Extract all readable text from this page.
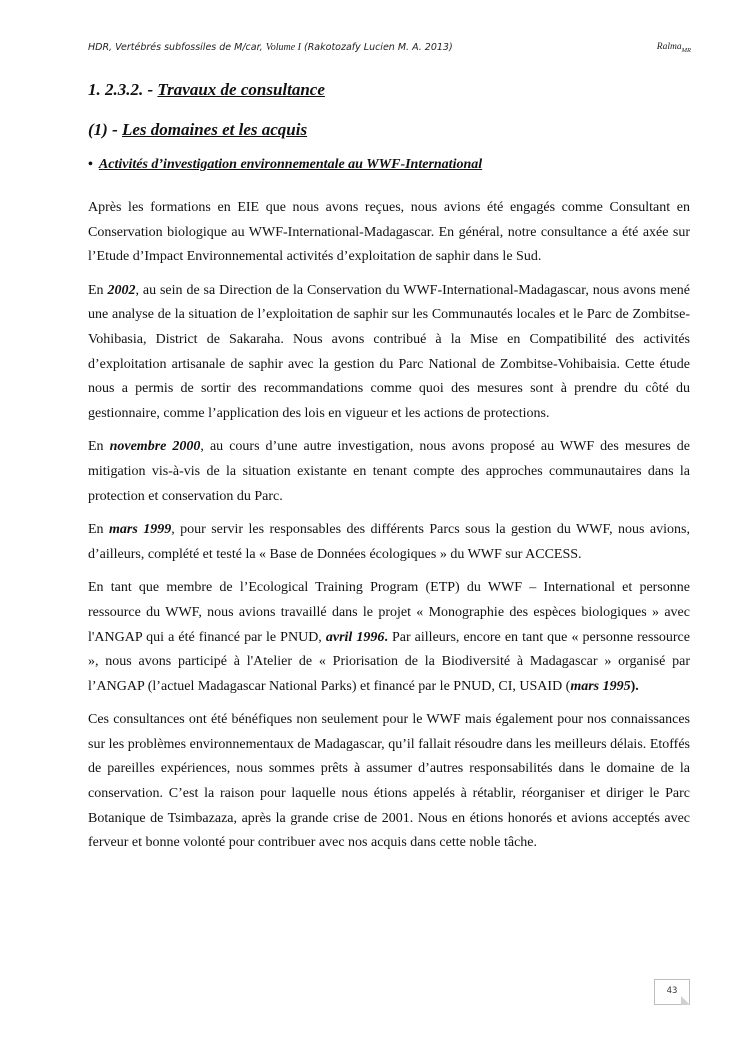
HDR, Vertébrés subfossiles de M/car, Volume I (Rakotozafy Lucien M. A. 2013)	Ralma$_{MR}$
1. 2.3.2. - Travaux de consultance
(1) - Les domaines et les acquis
• Activités d’investigation environnementale au WWF-International

Après les formations en EIE que nous avons reçues, nous avions été engagés comme Consultant en Conservation biologique au WWF-International-Madagascar. En général, notre consultance a été axée sur l’Etude d’Impact Environnemental activités d’exploitation de saphir dans le Sud.

En 2002, au sein de sa Direction de la Conservation du WWF-International-Madagascar, nous avons mené une analyse de la situation de l’exploitation de saphir sur les Communautés locales et le Parc de Zombitse-Vohibasia, District de Sakaraha. Nous avons contribué à la Mise en Compatibilité des activités d’exploitation artisanale de saphir avec la gestion du Parc National de Zombitse-Vohibaisia. Cette étude nous a permis de sortir des recommandations comme quoi des mesures sont à prendre du côté du gestionnaire, comme l’application des lois en vigueur et les actions de protections.

En novembre 2000, au cours d’une autre investigation, nous avons proposé au WWF des mesures de mitigation vis-à-vis de la situation existante en tenant compte des approches communautaires dans la protection et conservation du Parc.

En mars 1999, pour servir les responsables des différents Parcs sous la gestion du WWF, nous avions, d’ailleurs, complété et testé la « Base de Données écologiques » du WWF sur ACCESS.

En tant que membre de l’Ecological Training Program (ETP) du WWF – International et personne ressource du WWF, nous avions travaillé dans le projet « Monographie des espèces biologiques » avec l'ANGAP qui a été financé par le PNUD, avril 1996. Par ailleurs, encore en tant que « personne ressource », nous avons participé à l'Atelier de « Priorisation de la Biodiversité à Madagascar » organisé par l’ANGAP (l’actuel Madagascar National Parks) et financé par le PNUD, CI, USAID (mars 1995).

Ces consultances ont été bénéfiques non seulement pour le WWF mais également pour nos connaissances sur les problèmes environnementaux de Madagascar, qu’il fallait résoudre dans les meilleurs délais. Etoffés de pareilles expériences, nous sommes prêts à assumer d’autres responsabilités dans le domaine de la conservation. C’est la raison pour laquelle nous étions appelés à rétablir, réorganiser et diriger le Parc Botanique de Tsimbazaza, après la grande crise de 2001. Nous en étions honorés et avions acceptés avec ferveur et bonne volonté pour contribuer avec nos acquis dans cette noble tâche.

43
